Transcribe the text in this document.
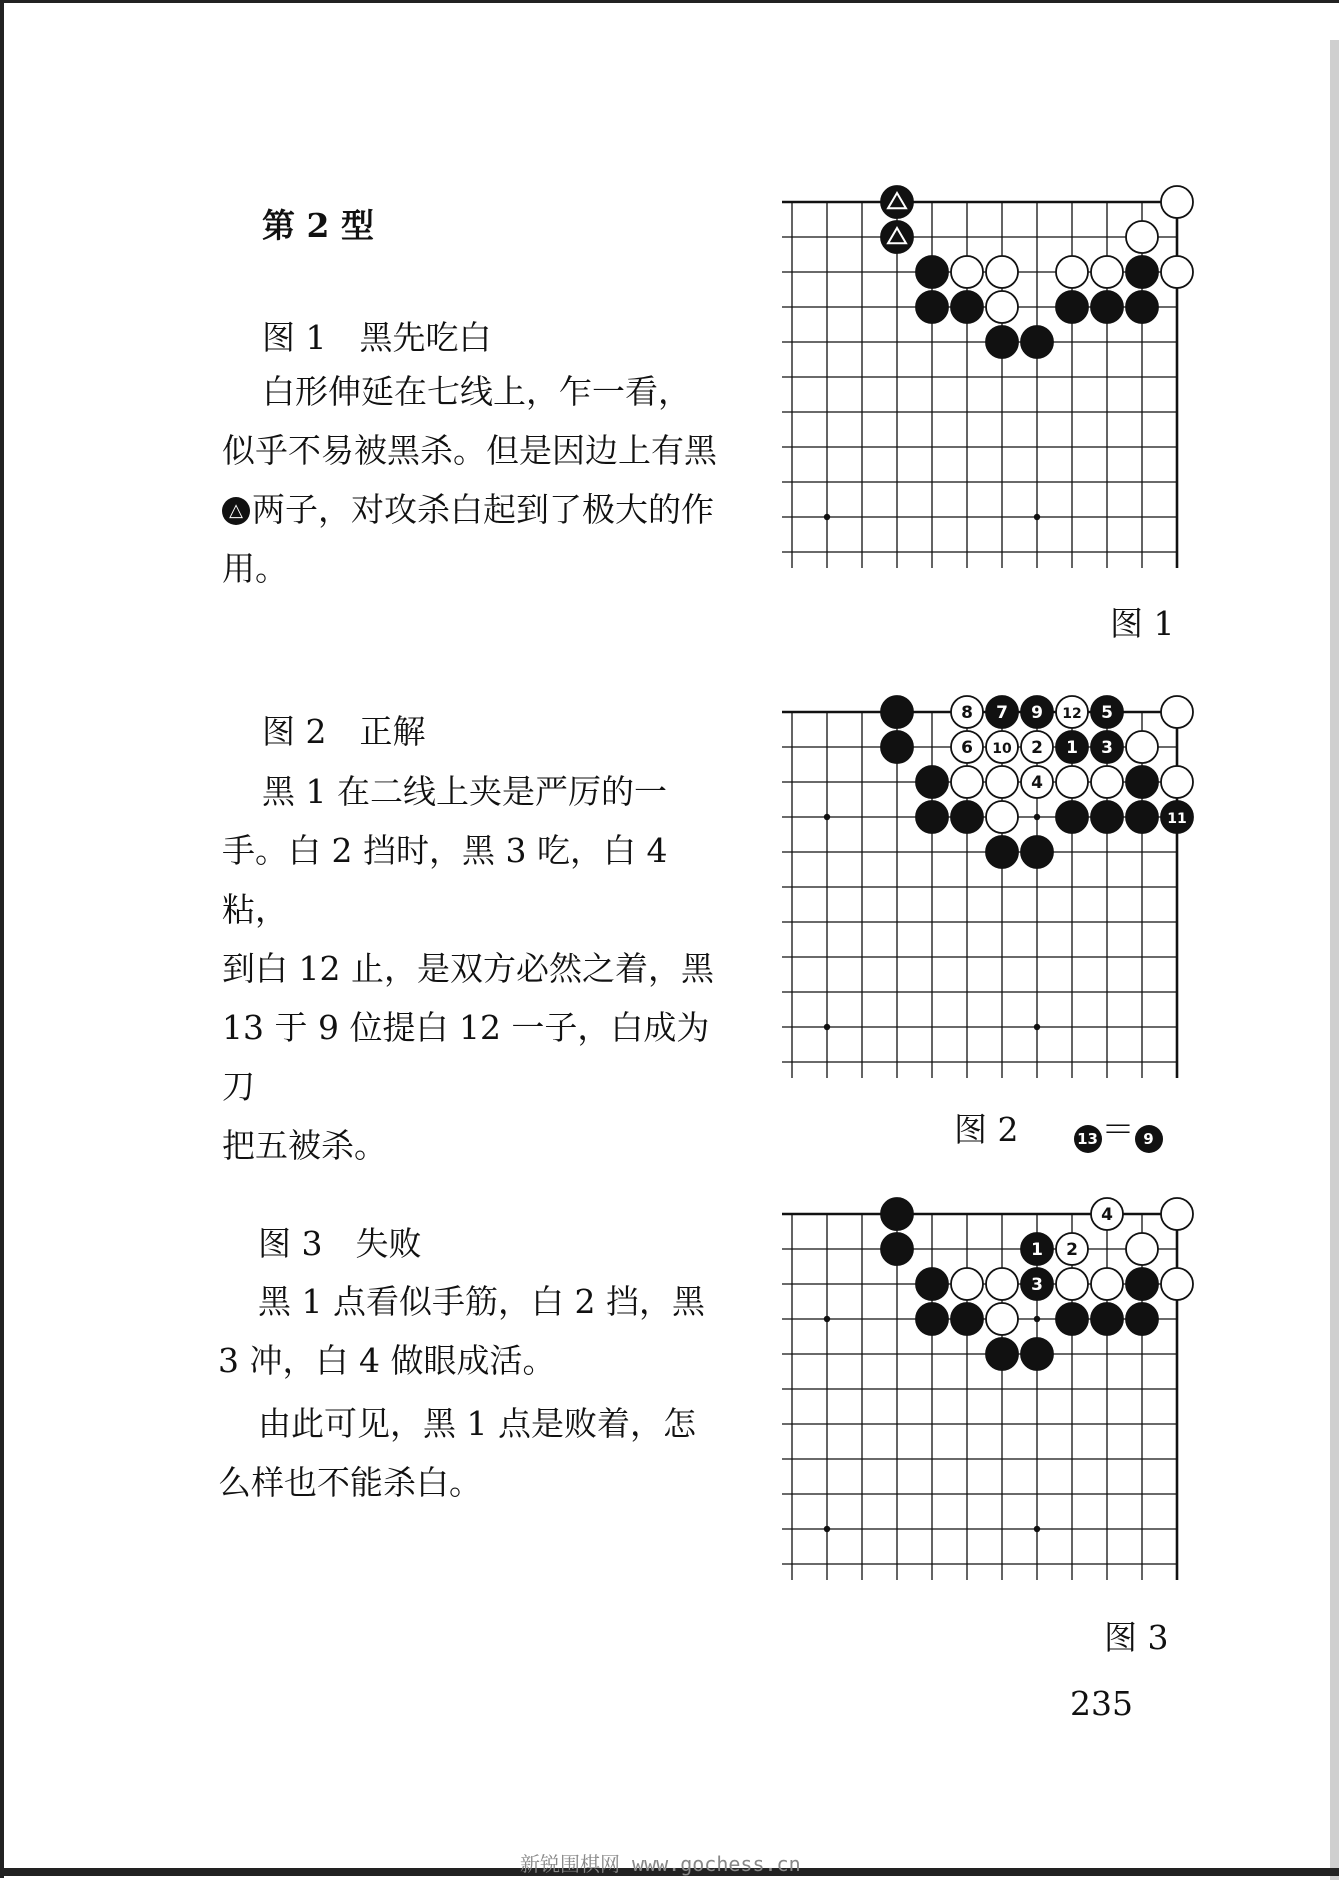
第 2 型
图 1　黑先吃白

白形伸延在七线上，乍一看，

似乎不易被黑杀。但是因边上有黑

△两子，对攻杀白起到了极大的作

用。

图 2　正解

黑 1 在二线上夹是严厉的一

手。白 2 挡时，黑 3 吃，白 4 粘，

到白 12 止，是双方必然之着，黑

13 于 9 位提白 12 一子，白成为刀

把五被杀。

图 3　失败

黑 1 点看似手筋，白 2 挡，黑

3 冲，白 4 做眼成活。

由此可见，黑 1 点是败着，怎

么样也不能杀白。

8 7 9 12 5
6 10 2 1 3
4
11
4
1 2
3
图 1
图 2	13 ＝ 9
图 3
235
新锐围棋网 www.gochess.cn
